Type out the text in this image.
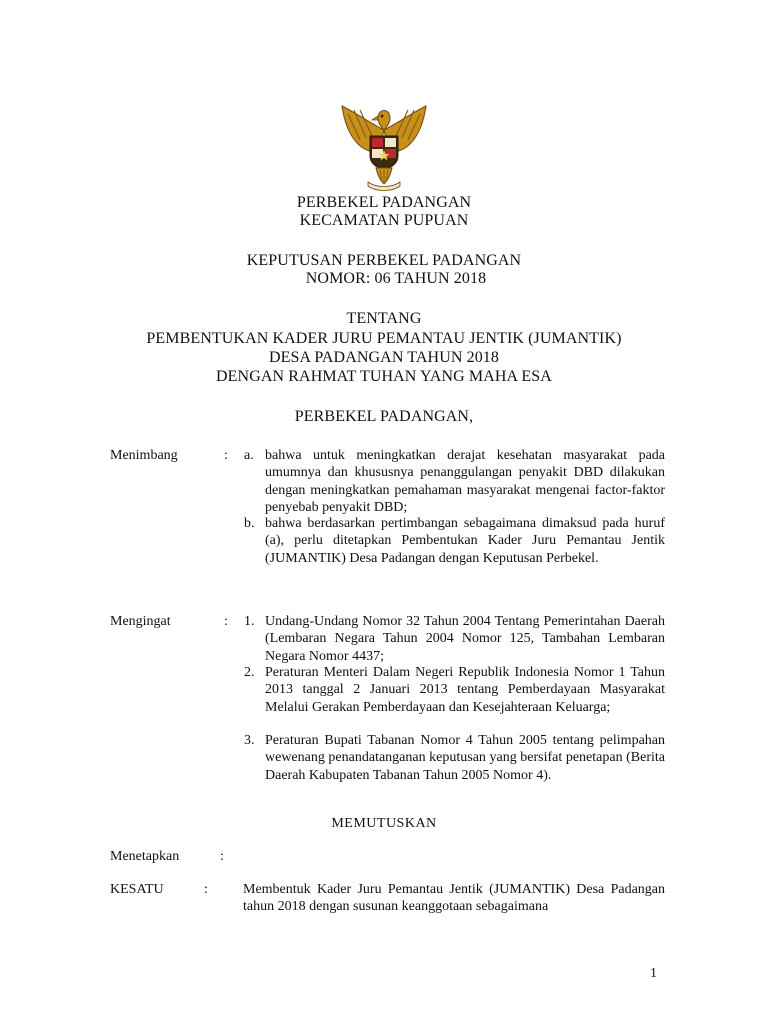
PERBEKEL PADANGAN
KECAMATAN PUPUAN
KEPUTUSAN PERBEKEL PADANGAN
NOMOR: 06 TAHUN 2018
TENTANG
PEMBENTUKAN KADER JURU PEMANTAU JENTIK (JUMANTIK)
DESA PADANGAN TAHUN 2018
DENGAN RAHMAT TUHAN YANG MAHA ESA
PERBEKEL PADANGAN,
Menimbang	: a. bahwa untuk meningkatkan derajat kesehatan masyarakat pada umumnya dan khususnya penanggulangan penyakit DBD dilakukan dengan meningkatkan pemahaman masyarakat mengenai factor-faktor penyebab penyakit DBD;
b. bahwa berdasarkan pertimbangan sebagaimana dimaksud pada huruf (a), perlu ditetapkan Pembentukan Kader Juru Pemantau Jentik (JUMANTIK) Desa Padangan dengan Keputusan Perbekel.
Mengingat	: 1. Undang-Undang Nomor 32 Tahun 2004 Tentang Pemerintahan Daerah (Lembaran Negara Tahun 2004 Nomor 125, Tambahan Lembaran Negara Nomor 4437;
2. Peraturan Menteri Dalam Negeri Republik Indonesia Nomor 1 Tahun 2013 tanggal 2 Januari 2013 tentang Pemberdayaan Masyarakat Melalui Gerakan Pemberdayaan dan Kesejahteraan Keluarga;
3. Peraturan Bupati Tabanan Nomor 4 Tahun 2005 tentang pelimpahan wewenang penandatanganan keputusan yang bersifat penetapan (Berita Daerah Kabupaten Tabanan Tahun 2005 Nomor 4).
MEMUTUSKAN
Menetapkan	:
KESATU	:	Membentuk Kader Juru Pemantau Jentik (JUMANTIK) Desa Padangan tahun 2018 dengan susunan keanggotaan sebagaimana
1
